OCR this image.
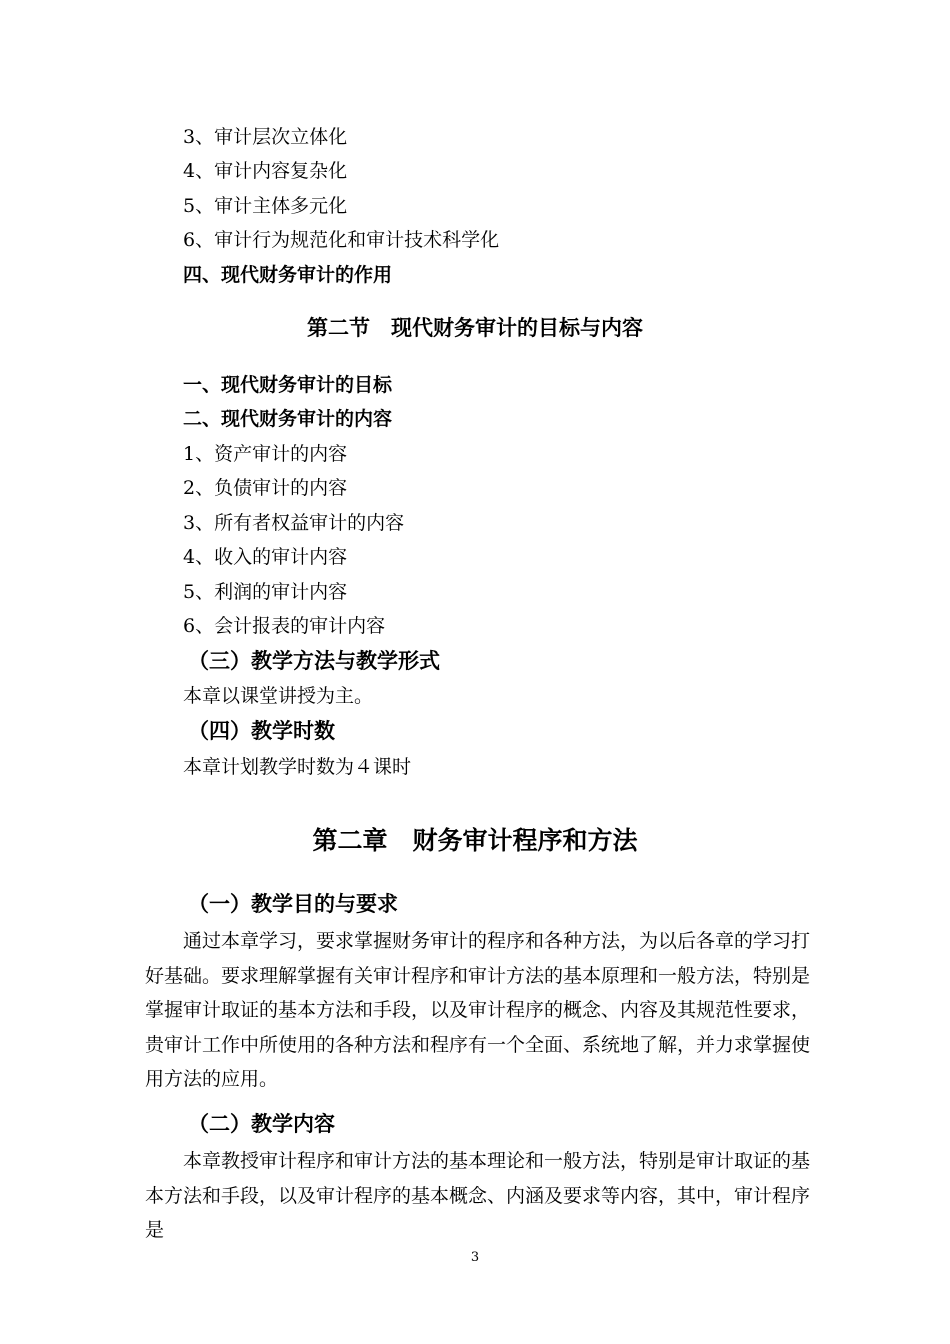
3、审计层次立体化
4、审计内容复杂化
5、审计主体多元化
6、审计行为规范化和审计技术科学化
四、现代财务审计的作用
第二节　现代财务审计的目标与内容
一、现代财务审计的目标
二、现代财务审计的内容
1、资产审计的内容
2、负债审计的内容
3、所有者权益审计的内容
4、收入的审计内容
5、利润的审计内容
6、会计报表的审计内容
（三）教学方法与教学形式
本章以课堂讲授为主。
（四）教学时数
本章计划教学时数为４课时
第二章　财务审计程序和方法
（一）教学目的与要求

通过本章学习，要求掌握财务审计的程序和各种方法，为以后各章的学习打好基础。要求理解掌握有关审计程序和审计方法的基本原理和一般方法，特别是掌握审计取证的基本方法和手段，以及审计程序的概念、内容及其规范性要求，贵审计工作中所使用的各种方法和程序有一个全面、系统地了解，并力求掌握使用方法的应用。

（二）教学内容

本章教授审计程序和审计方法的基本理论和一般方法，特别是审计取证的基本方法和手段，以及审计程序的基本概念、内涵及要求等内容，其中，审计程序是

3
